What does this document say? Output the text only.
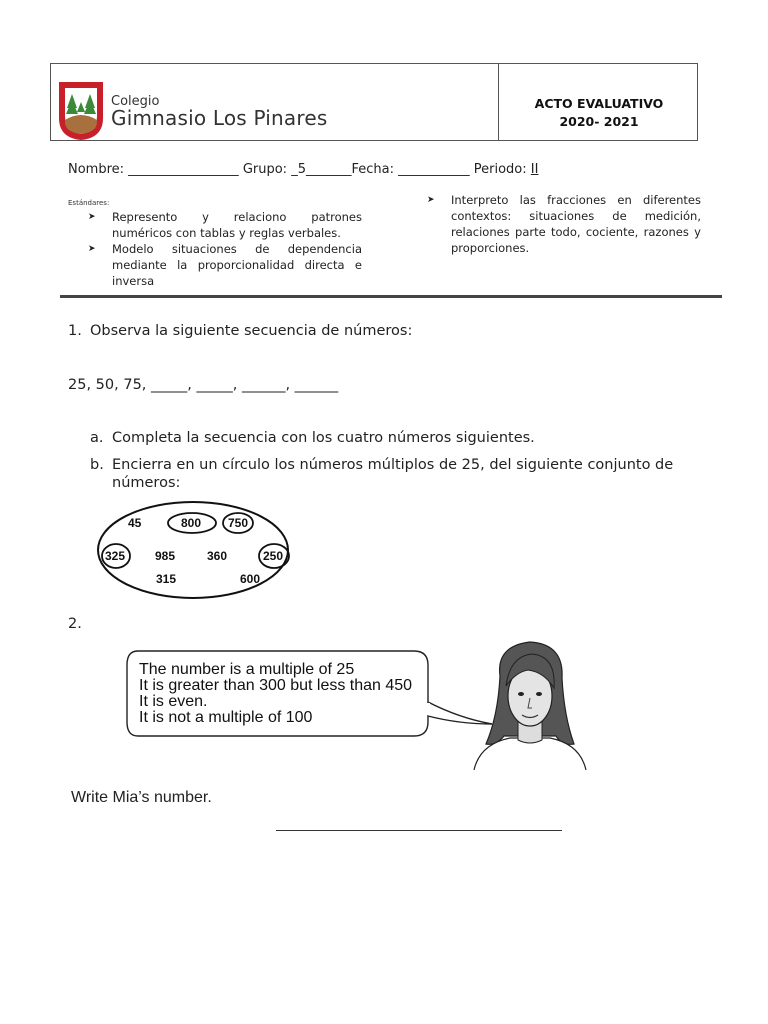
Colegio
Gimnasio Los Pinares
ACTO EVALUATIVO
2020- 2021
Nombre: _________________ Grupo: _5_______Fecha: ___________ Periodo: II
Estándares:
➤ Represento y relaciono patrones numéricos con tablas y reglas verbales.
➤ Modelo situaciones de dependencia mediante la proporcionalidad directa e inversa
➤ Interpreto las fracciones en diferentes contextos: situaciones de medición, relaciones parte todo, cociente, razones y proporciones.
1. Observa la siguiente secuencia de números:
25, 50, 75, _____, _____, ______, ______
a. Completa la secuencia con los cuatro números siguientes.
b. Encierra en un círculo los números múltiplos de 25, del siguiente conjunto de
números:
45	800 750
325 985	360	250
315	600
2.
The number is a multiple of 25
It is greater than 300 but less than 450
It is even.
It is not a multiple of 100
Write Mia’s number.
